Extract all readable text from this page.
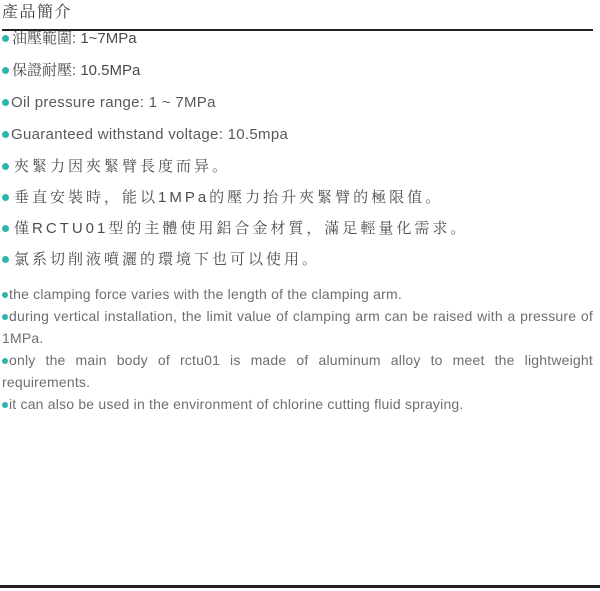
產品簡介
油壓範圍: 1~7MPa
保證耐壓: 10.5MPa
Oil pressure range: 1 ~ 7MPa
Guaranteed withstand voltage: 10.5mpa
夾緊力因夾緊臂長度而异。
垂直安裝時，能以1MPa的壓力抬升夾緊臂的極限值。
僅RCTU01型的主體使用鋁合金材質，滿足輕量化需求。
氯系切削液噴灑的環境下也可以使用。
the clamping force varies with the length of the clamping arm.
during vertical installation, the limit value of clamping arm can be raised with a pressure of 1MPa.
only the main body of rctu01 is made of aluminum alloy to meet the lightweight requirements.
it can also be used in the environment of chlorine cutting fluid spraying.
